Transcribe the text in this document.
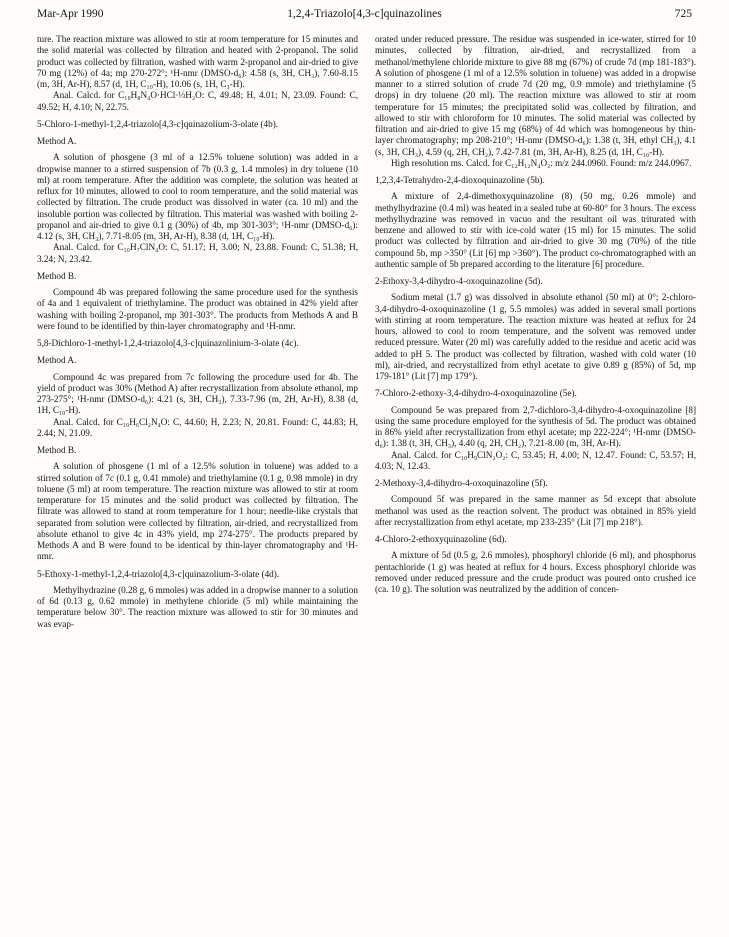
Mar-Apr 1990	1,2,4-Triazolo[4,3-c]quinazolines	725

ture. The reaction mixture was allowed to stir at room temperature for 15 minutes and the solid material was collected by filtration and heated with 2-propanol. The solid product was collected by filtration, washed with warm 2-propanol and air-dried to give 70 mg (12%) of 4a; mp 270-272°; ¹H-nmr (DMSO-d₆): 4.58 (s, 3H, CH₃), 7.60-8.15 (m, 3H, Ar-H), 8.57 (d, 1H, C₁₀-H), 10.06 (s, 1H, C₃-H).

Anal. Calcd. for C₁₀H₈N₄O·HCl·⅓H₂O: C, 49.48; H, 4.01; N, 23.09. Found: C, 49.52; H, 4.10; N, 22.75.

5-Chloro-1-methyl-1,2,4-triazolo[4,3-c]quinazolium-3-olate (4b).

Method A.

A solution of phosgene (3 ml of a 12.5% toluene solution) was added in a dropwise manner to a stirred suspension of 7b (0.3 g, 1.4 mmoles) in dry toluene (10 ml) at room temperature. After the addition was complete, the solution was heated at reflux for 10 minutes, allowed to cool to room temperature, and the solid material was collected by filtration. The crude product was dissolved in water (ca. 10 ml) and the insoluble portion was collected by filtration. This material was washed with boiling 2-propanol and air-dried to give 0.1 g (30%) of 4b, mp 301-303°; ¹H-nmr (DMSO-d₆): 4.12 (s, 3H, CH₃), 7.71-8.05 (m, 3H, Ar-H), 8.38 (d, 1H, C₁₀-H).

Anal. Calcd. for C₁₀H₇ClN₄O: C, 51.17; H, 3.00; N, 23.88. Found: C, 51.38; H, 3.24; N, 23.42.

Method B.

Compound 4b was prepared following the same procedure used for the synthesis of 4a and 1 equivalent of triethylamine. The product was obtained in 42% yield after washing with boiling 2-propanol, mp 301-303°. The products from Methods A and B were found to be identified by thin-layer chromatography and ¹H-nmr.

5,8-Dichloro-1-methyl-1,2,4-triazolo[4,3-c]quinazolinium-3-olate (4c).

Method A.

Compound 4c was prepared from 7c following the procedure used for 4b. The yield of product was 30% (Method A) after recrystallization from absolute ethanol, mp 273-275°; ¹H-nmr (DMSO-d₆): 4.21 (s, 3H, CH₃), 7.33-7.96 (m, 2H, Ar-H), 8.38 (d, 1H, C₁₀-H).

Anal. Calcd. for C₁₀H₆Cl₂N₄O: C, 44.60; H, 2.23; N, 20.81. Found: C, 44.83; H, 2.44; N, 21.09.

Method B.

A solution of phosgene (1 ml of a 12.5% solution in toluene) was added to a stirred solution of 7c (0.1 g, 0.41 mmole) and triethylamine (0.1 g, 0.98 mmole) in dry toluene (5 ml) at room temperature. The reaction mixture was allowed to stir at room temperature for 15 minutes and the solid product was collected by filtration. The filtrate was allowed to stand at room temperature for 1 hour; needle-like crystals that separated from solution were collected by filtration, air-dried, and recrystallized from absolute ethanol to give 4c in 43% yield, mp 274-275°. The products prepared by Methods A and B were found to be identical by thin-layer chromatography and ¹H-nmr.

5-Ethoxy-1-methyl-1,2,4-triazolo[4,3-c]quinazolium-3-olate (4d).

Methylhydrazine (0.28 g, 6 mmoles) was added in a dropwise manner to a solution of 6d (0.13 g, 0.62 mmole) in methylene chloride (5 ml) while maintaining the temperature below 30°. The reaction mixture was allowed to stir for 30 minutes and was evap-

orated under reduced pressure. The residue was suspended in ice-water, stirred for 10 minutes, collected by filtration, air-dried, and recrystallized from a methanol/methylene chloride mixture to give 88 mg (67%) of crude 7d (mp 181-183°). A solution of phosgene (1 ml of a 12.5% solution in toluene) was added in a dropwise manner to a stirred solution of crude 7d (20 mg, 0.9 mmole) and triethylamine (5 drops) in dry toluene (20 ml). The reaction mixture was allowed to stir at room temperature for 15 minutes; the precipitated solid was collected by filtration, and allowed to stir with chloroform for 10 minutes. The solid material was collected by filtration and air-dried to give 15 mg (68%) of 4d which was homogeneous by thin-layer chromatography; mp 208-210°; ¹H-nmr (DMSO-d₆): 1.38 (t, 3H, ethyl CH₃), 4.1 (s, 3H, CH₃), 4.59 (q, 2H, CH₂), 7.42-7.81 (m, 3H, Ar-H), 8.25 (d, 1H, C₁₀-H).

High resolution ms. Calcd. for C₁₂H₁₂N₄O₂: m/z 244.0960. Found: m/z 244.0967.

1,2,3,4-Tetrahydro-2,4-dioxoquinazoline (5b).

A mixture of 2,4-dimethoxyquinazoline (8) (50 mg, 0.26 mmole) and methylhydrazine (0.4 ml) was heated in a sealed tube at 60-80° for 3 hours. The excess methylhydrazine was removed in vacuo and the resultant oil was triturated with benzene and allowed to stir with ice-cold water (15 ml) for 15 minutes. The solid product was collected by filtration and air-dried to give 30 mg (70%) of the title compound 5b, mp >350° (Lit [6] mp >360°). The product co-chromatographed with an authentic sample of 5b prepared according to the literature [6] procedure.

2-Ethoxy-3,4-dihydro-4-oxoquinazoline (5d).

Sodium metal (1.7 g) was dissolved in absolute ethanol (50 ml) at 0°; 2-chloro-3,4-dihydro-4-oxoquinazoline (1 g, 5.5 mmoles) was added in several small portions with stirring at room temperature. The reaction mixture was heated at reflux for 24 hours, allowed to cool to room temperature, and the solvent was removed under reduced pressure. Water (20 ml) was carefully added to the residue and acetic acid was added to pH 5. The product was collected by filtration, washed with cold water (10 ml), air-dried, and recrystallized from ethyl acetate to give 0.89 g (85%) of 5d, mp 179-181° (Lit [7] mp 179°).

7-Chloro-2-ethoxy-3,4-dihydro-4-oxoquinazoline (5e).

Compound 5e was prepared from 2,7-dichloro-3,4-dihydro-4-oxoquinazoline [8] using the same procedure employed for the synthesis of 5d. The product was obtained in 86% yield after recrystallization from ethyl acetate; mp 222-224°; ¹H-nmr (DMSO-d₆): 1.38 (t, 3H, CH₃), 4.40 (q, 2H, CH₂), 7.21-8.00 (m, 3H, Ar-H).

Anal. Calcd. for C₁₀H₉ClN₂O₂: C, 53.45; H, 4.00; N, 12.47. Found: C, 53.57; H, 4.03; N, 12.43.

2-Methoxy-3,4-dihydro-4-oxoquinazoline (5f).

Compound 5f was prepared in the same manner as 5d except that absolute methanol was used as the reaction solvent. The product was obtained in 85% yield after recrystallization from ethyl acetate, mp 233-235° (Lit [7] mp 218°).

4-Chloro-2-ethoxyquinazoline (6d).

A mixture of 5d (0.5 g, 2.6 mmoles), phosphoryl chloride (6 ml), and phosphorus pentachloride (1 g) was heated at reflux for 4 hours. Excess phosphoryl chloride was removed under reduced pressure and the crude product was poured onto crushed ice (ca. 10 g). The solution was neutralized by the addition of concen-
